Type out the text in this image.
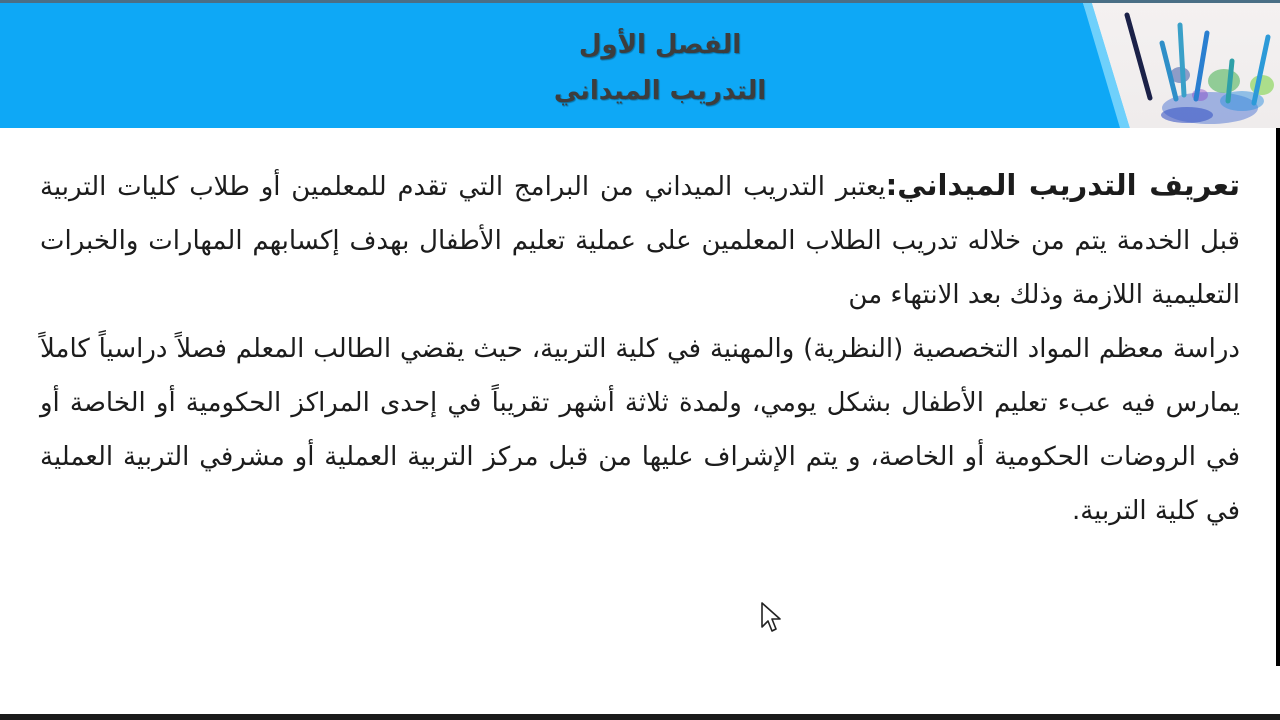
الفصل الأول
التدريب الميداني

تعريف التدريب الميداني:يعتبر التدريب الميداني من البرامج التي تقدم للمعلمين أو طلاب كليات التربية قبل الخدمة يتم من خلاله تدريب الطلاب المعلمين على عملية تعليم الأطفال بهدف إكسابهم المهارات والخبرات التعليمية اللازمة وذلك بعد الانتهاء من

دراسة معظم المواد التخصصية (النظرية) والمهنية في كلية التربية، حيث يقضي الطالب المعلم فصلاً دراسياً كاملاً يمارس فيه عبء تعليم الأطفال بشكل يومي، ولمدة ثلاثة أشهر تقريباً في إحدى المراكز الحكومية أو الخاصة أو في الروضات الحكومية أو الخاصة، و يتم الإشراف عليها من قبل مركز التربية العملية أو مشرفي التربية العملية في كلية التربية.
